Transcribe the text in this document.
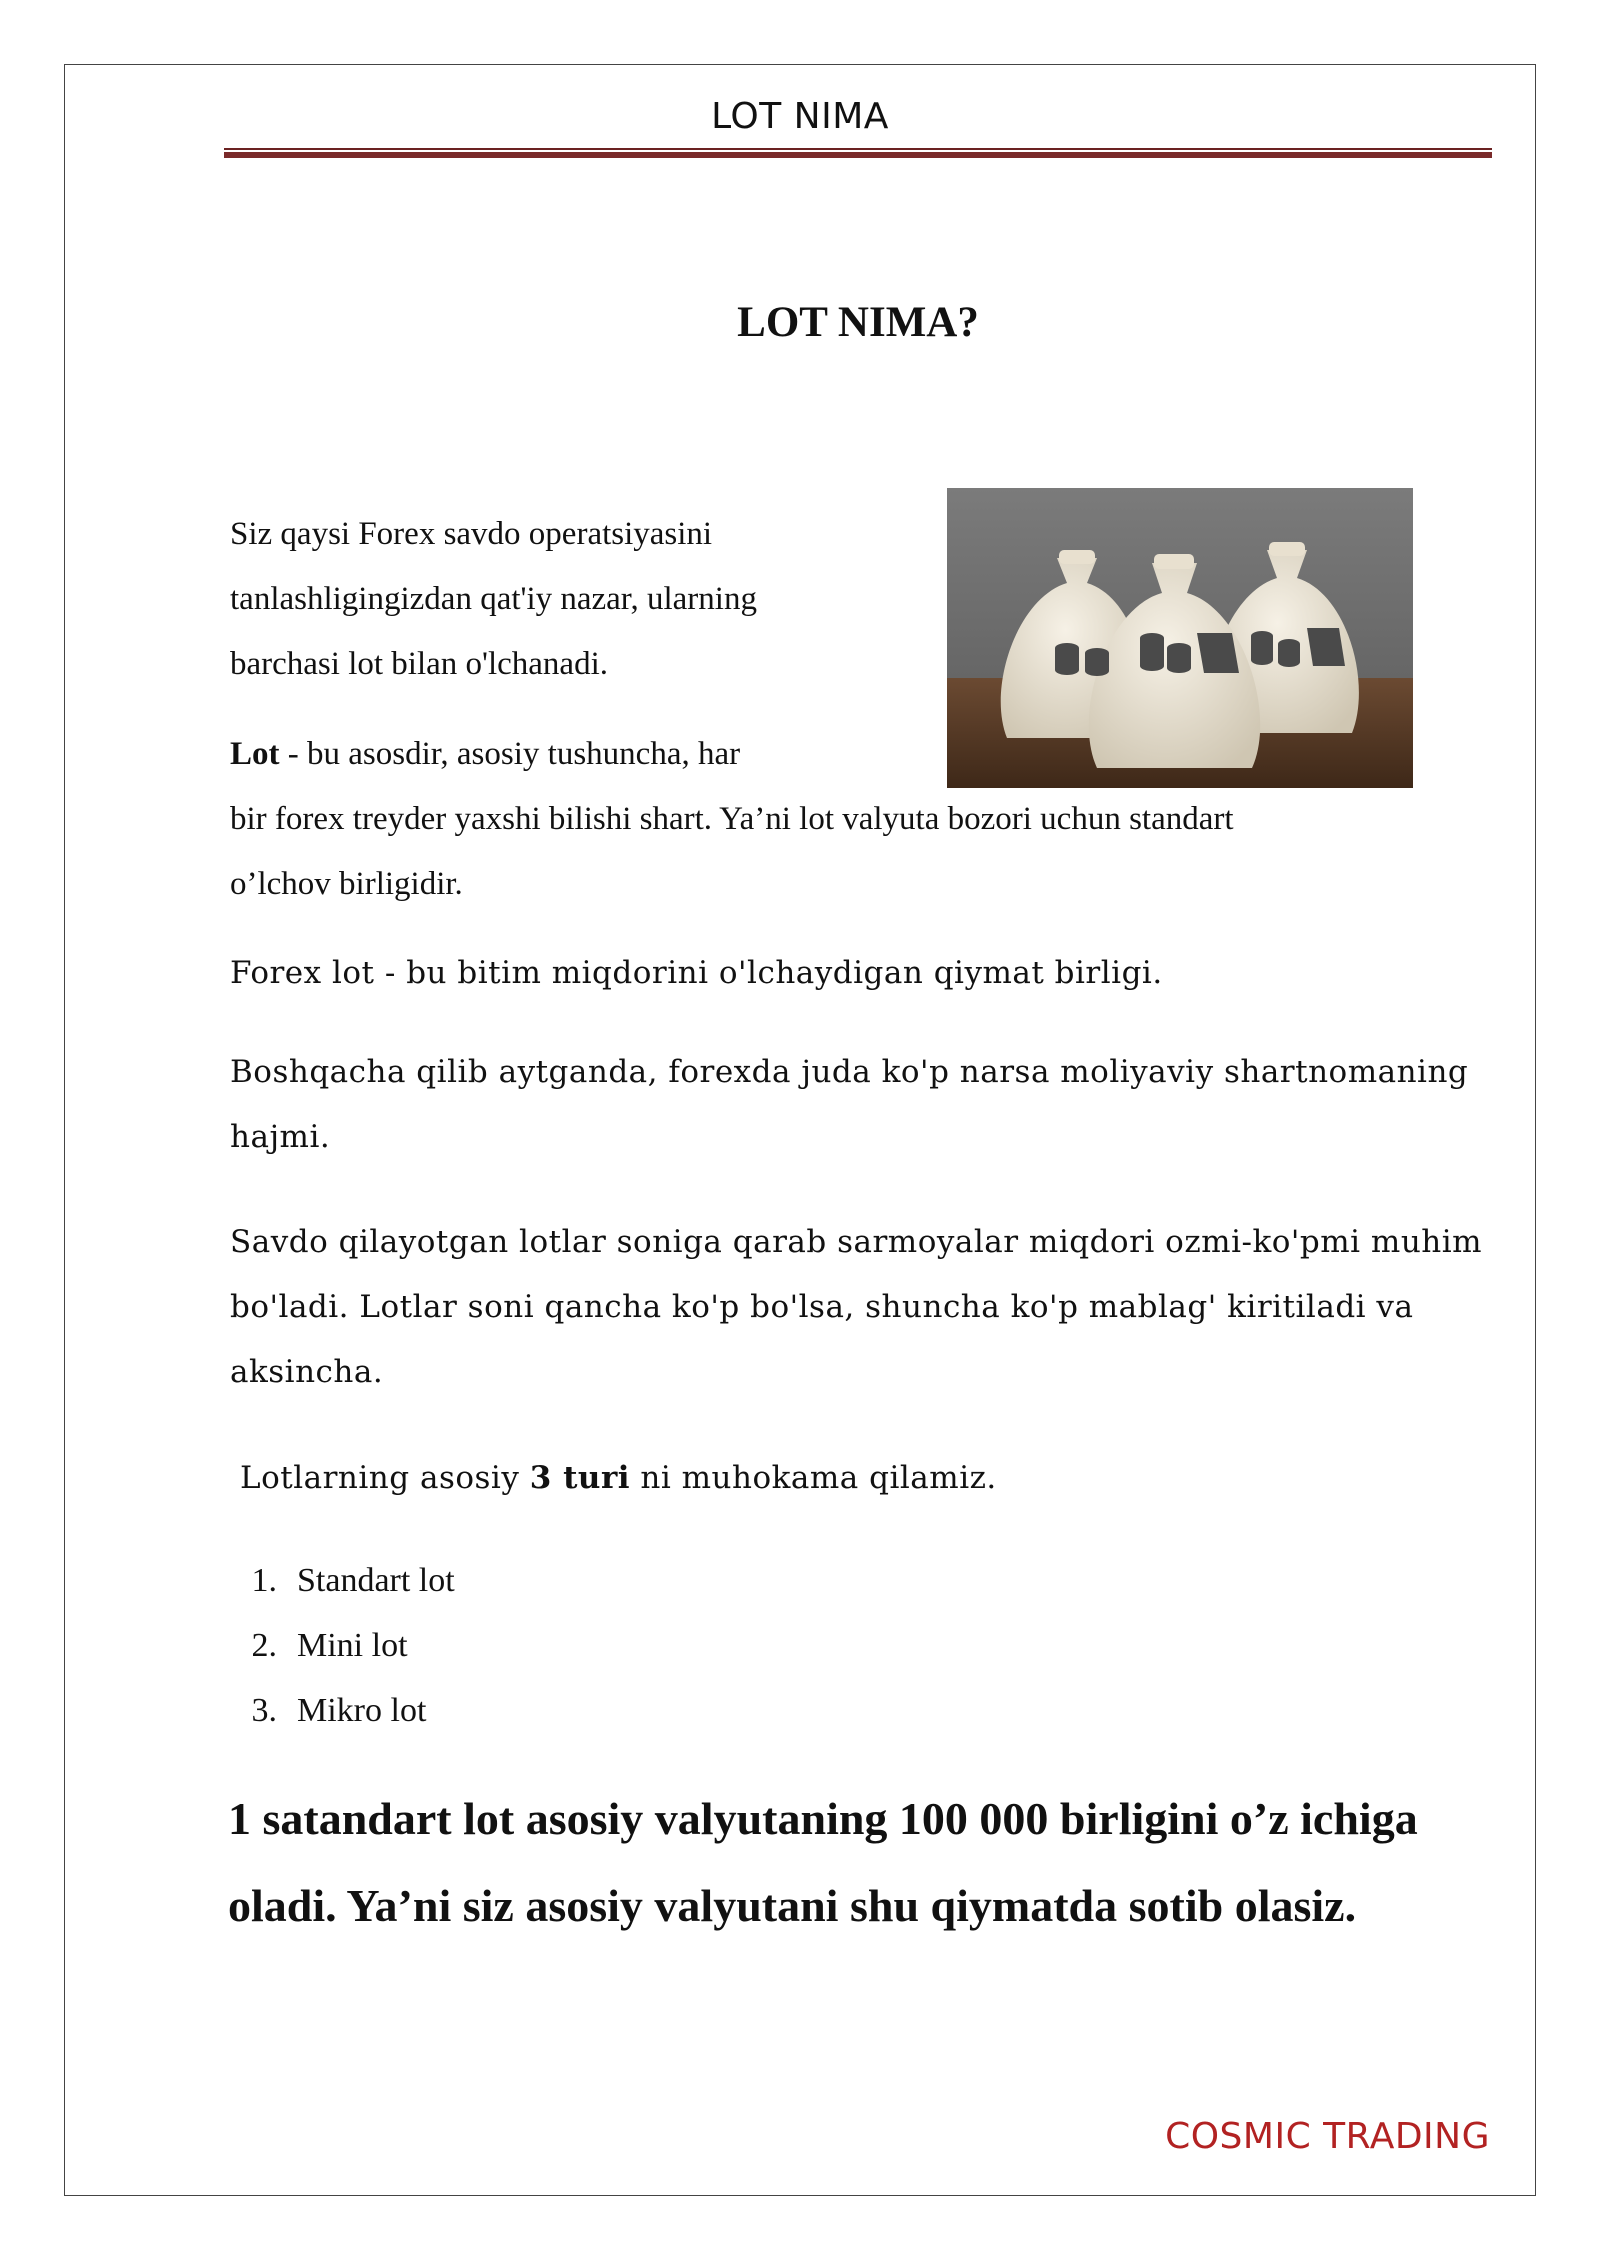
LOT NIMA
LOT NIMA?
Siz qaysi Forex savdo operatsiyasini
tanlashligingizdan qat'iy nazar, ularning
barchasi lot bilan o'lchanadi.
Lot - bu asosdir, asosiy tushuncha, har
bir forex treyder yaxshi bilishi shart. Ya’ni lot valyuta bozori uchun standart
o’lchov birligidir.
Forex lot - bu bitim miqdorini o'lchaydigan qiymat birligi.
Boshqacha qilib aytganda, forexda juda ko'p narsa moliyaviy shartnomaning
hajmi.
Savdo qilayotgan lotlar soniga qarab sarmoyalar miqdori ozmi-ko'pmi muhim
bo'ladi. Lotlar soni qancha ko'p bo'lsa, shuncha ko'p mablag' kiritiladi va
aksincha.
Lotlarning asosiy 3 turi ni muhokama qilamiz.
1. Standart lot
2. Mini lot
3. Mikro lot
1 satandart lot asosiy valyutaning 100 000 birligini o’z ichiga
oladi. Ya’ni siz asosiy valyutani shu qiymatda sotib olasiz.
COSMIC TRADING
